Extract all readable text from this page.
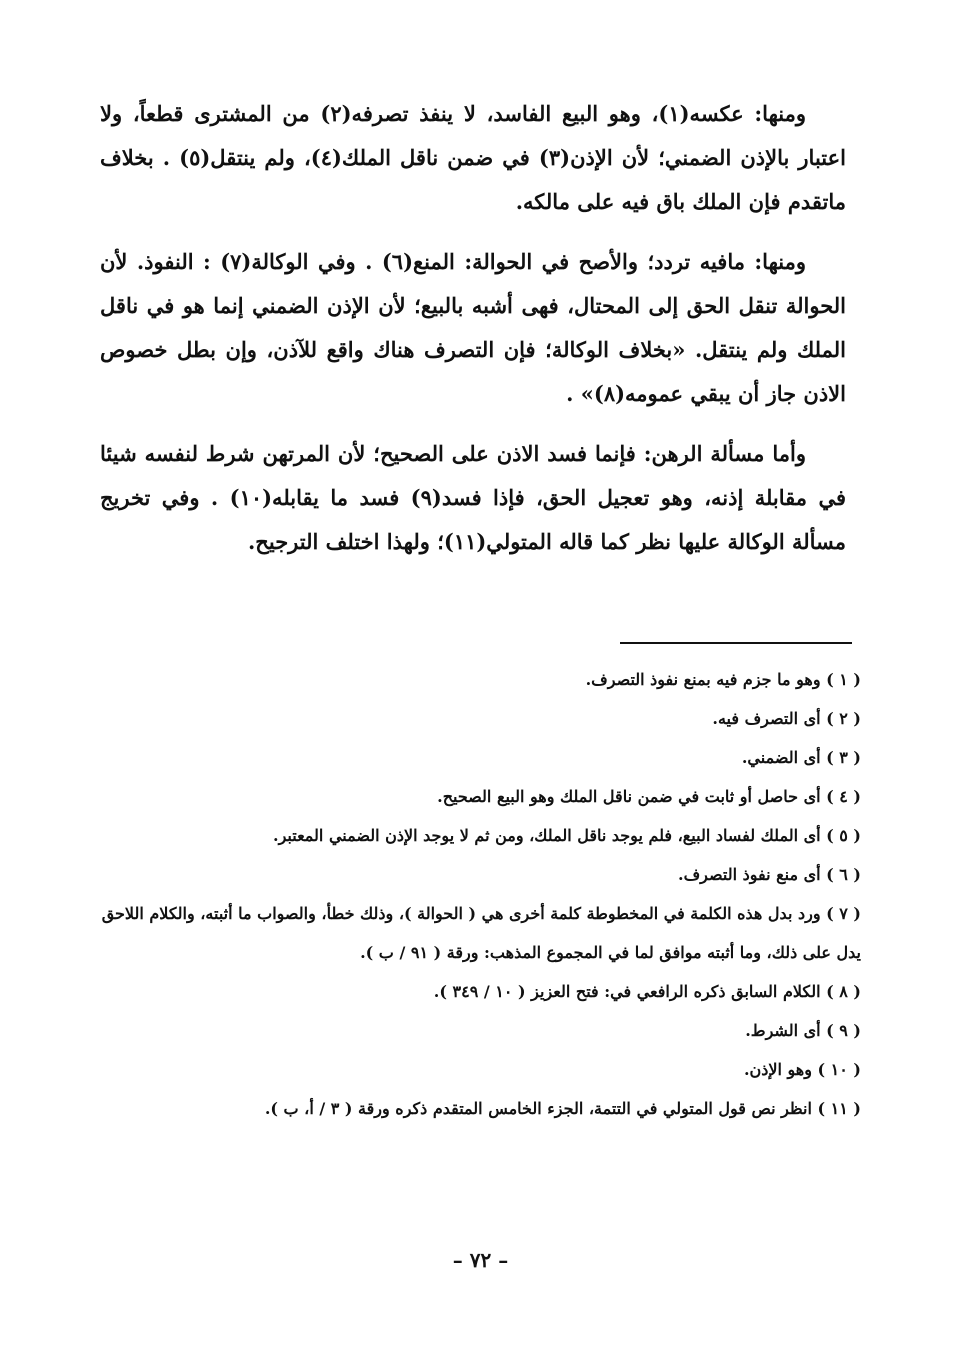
ومنها: عكسه(١)، وهو البيع الفاسد، لا ينفذ تصرفه(٢) من المشترى قطعاً، ولا اعتبار بالإذن الضمني؛ لأن الإذن(٣) في ضمن ناقل الملك(٤)، ولم ينتقل(٥) . بخلاف ماتقدم فإن الملك باق فيه على مالكه.

ومنها: مافيه تردد؛ والأصح في الحوالة: المنع(٦) . وفي الوكالة(٧) : النفوذ. لأن الحوالة تنقل الحق إلى المحتال، فهى أشبه بالبيع؛ لأن الإذن الضمني إنما هو في ناقل الملك ولم ينتقل. «بخلاف الوكالة؛ فإن التصرف هناك واقع للآذن، وإن بطل خصوص الاذن جاز أن يبقي عمومه(٨)» .

وأما مسألة الرهن: فإنما فسد الاذن على الصحيح؛ لأن المرتهن شرط لنفسه شيئا في مقابلة إذنه، وهو تعجيل الحق، فإذا فسد(٩) فسد ما يقابله(١٠) . وفي تخريج مسألة الوكالة عليها نظر كما قاله المتولي(١١)؛ ولهذا اختلف الترجيح.

( ١ ) وهو ما جزم فيه بمنع نفوذ التصرف.
( ٢ ) أى التصرف فيه.
( ٣ ) أى الضمني.
( ٤ ) أى حاصل أو ثابت في ضمن ناقل الملك وهو البيع الصحيح.
( ٥ ) أى الملك لفساد البيع، فلم يوجد ناقل الملك، ومن ثم لا يوجد الإذن الضمني المعتبر.
( ٦ ) أى منع نفوذ التصرف.
( ٧ ) ورد بدل هذه الكلمة في المخطوطة كلمة أخرى هي ( الحوالة )، وذلك خطأ، والصواب ما أثبته، والكلام اللاحق يدل على ذلك، وما أثبته موافق لما في المجموع المذهب: ورقة ( ٩١ / ب ).
( ٨ ) الكلام السابق ذكره الرافعي في: فتح العزيز ( ١٠ / ٣٤٩ ).
( ٩ ) أى الشرط.
( ١٠ ) وهو الإذن.
( ١١ ) انظر نص قول المتولي في التتمة، الجزء الخامس المتقدم ذكره ورقة ( ٣ / أ، ب ).
– ٧٢ –
